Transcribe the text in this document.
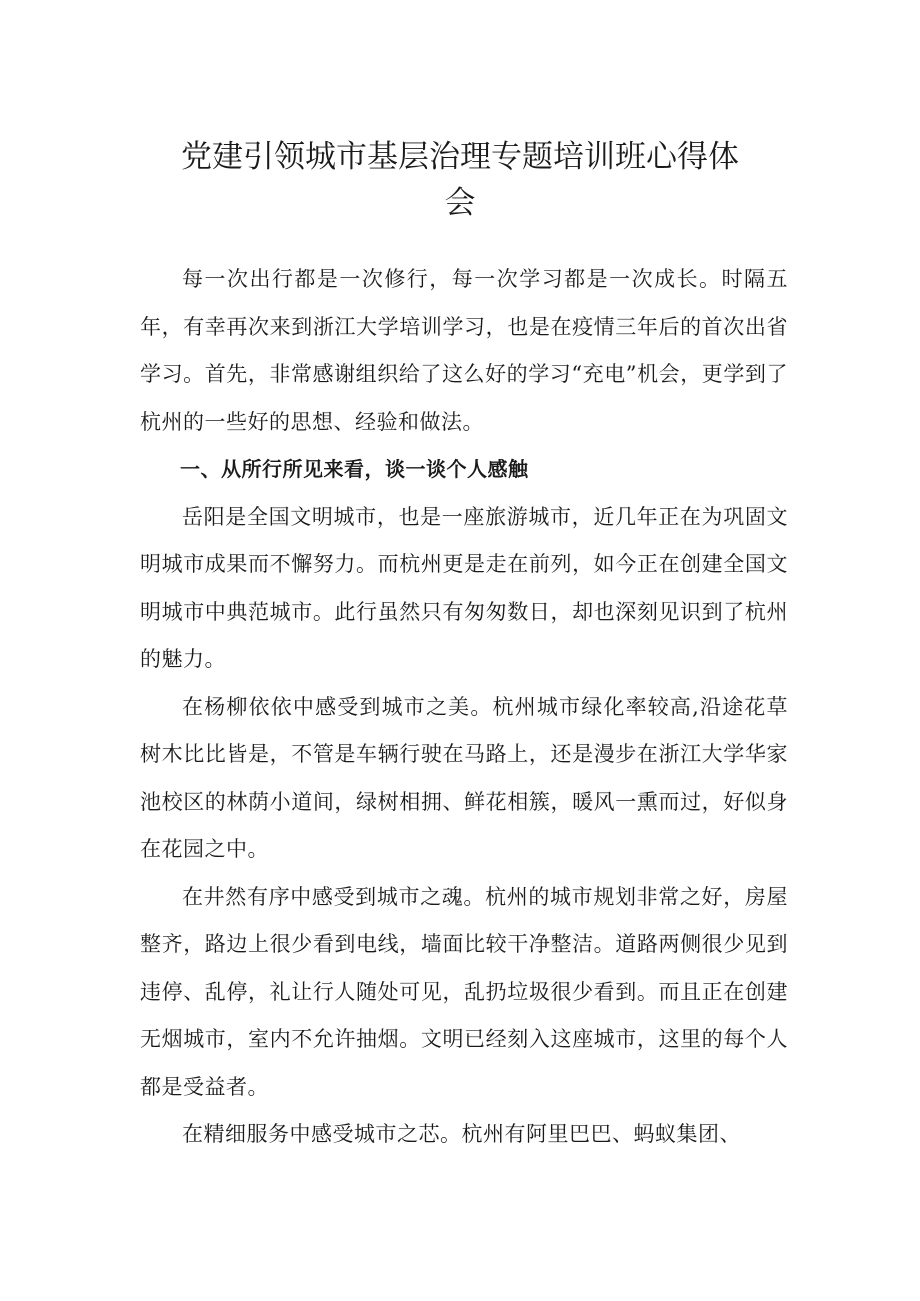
党建引领城市基层治理专题培训班心得体
会

每一次出行都是一次修行，每一次学习都是一次成长。时隔五年，有幸再次来到浙江大学培训学习，也是在疫情三年后的首次出省学习。首先，非常感谢组织给了这么好的学习“充电”机会，更学到了杭州的一些好的思想、经验和做法。

一、从所行所见来看，谈一谈个人感触

岳阳是全国文明城市，也是一座旅游城市，近几年正在为巩固文明城市成果而不懈努力。而杭州更是走在前列，如今正在创建全国文明城市中典范城市。此行虽然只有匆匆数日，却也深刻见识到了杭州的魅力。

在杨柳依依中感受到城市之美。杭州城市绿化率较高,沿途花草树木比比皆是，不管是车辆行驶在马路上，还是漫步在浙江大学华家池校区的林荫小道间，绿树相拥、鲜花相簇，暖风一熏而过，好似身在花园之中。

在井然有序中感受到城市之魂。杭州的城市规划非常之好，房屋整齐，路边上很少看到电线，墙面比较干净整洁。道路两侧很少见到违停、乱停，礼让行人随处可见，乱扔垃圾很少看到。而且正在创建无烟城市，室内不允许抽烟。文明已经刻入这座城市，这里的每个人都是受益者。

在精细服务中感受城市之芯。杭州有阿里巴巴、蚂蚁集团、
